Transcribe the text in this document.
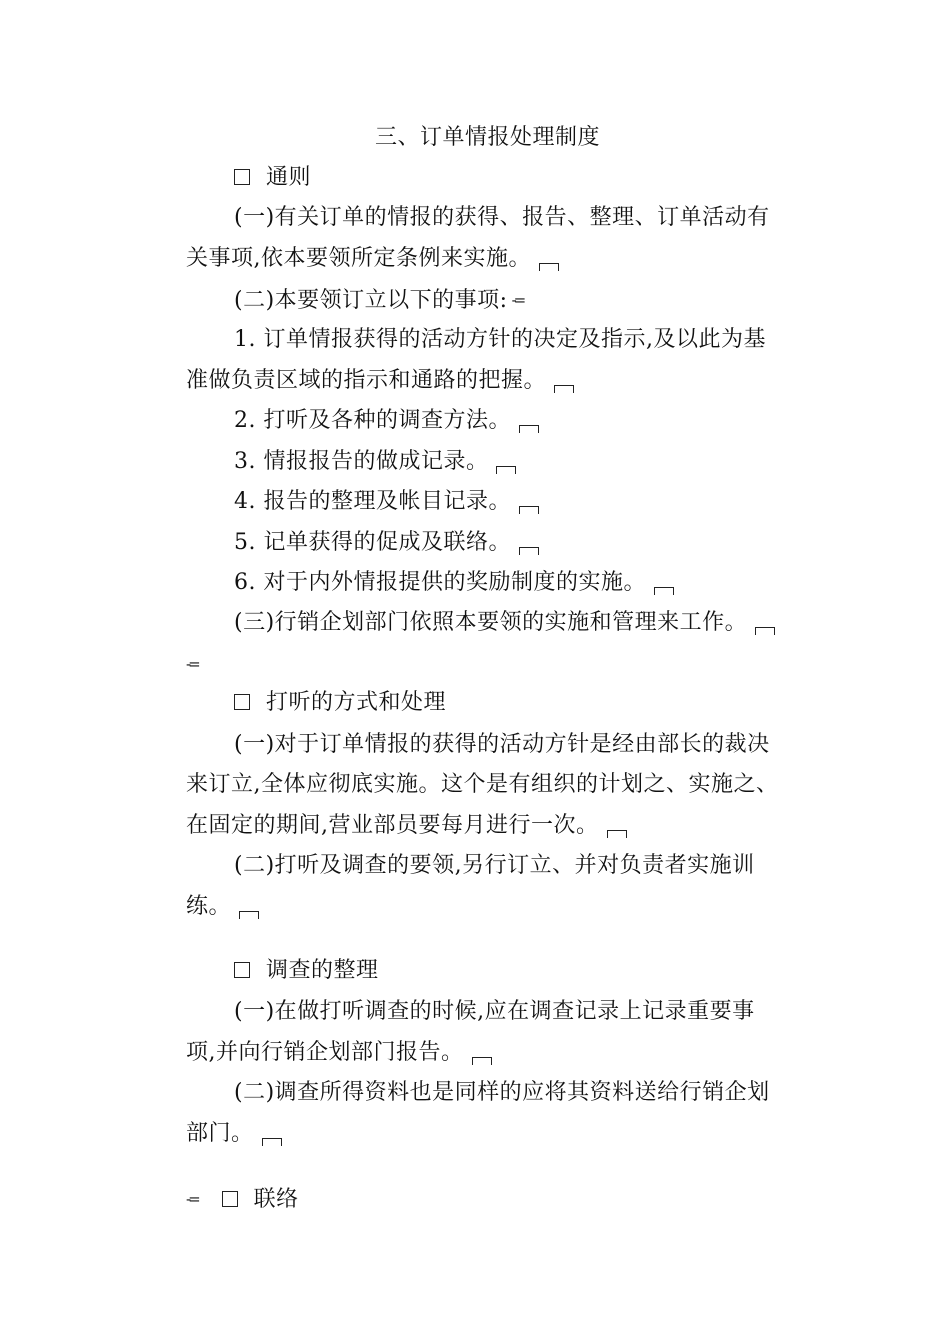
三、订单情报处理制度
通则
(一)有关订单的情报的获得、报告、整理、订单活动有
关事项,依本要领所定条例来实施。
(二)本要领订立以下的事项: -=
1. 订单情报获得的活动方针的决定及指示,及以此为基
准做负责区域的指示和通路的把握。
2. 打听及各种的调查方法。
3. 情报报告的做成记录。
4. 报告的整理及帐目记录。
5. 记单获得的促成及联络。
6. 对于内外情报提供的奖励制度的实施。
(三)行销企划部门依照本要领的实施和管理来工作。
-=
打听的方式和处理
(一)对于订单情报的获得的活动方针是经由部长的裁决
来订立,全体应彻底实施。这个是有组织的计划之、实施之、
在固定的期间,营业部员要每月进行一次。
(二)打听及调查的要领,另行订立、并对负责者实施训
练。
调查的整理
(一)在做打听调查的时候,应在调查记录上记录重要事
项,并向行销企划部门报告。
(二)调查所得资料也是同样的应将其资料送给行销企划
部门。
-=	联络
